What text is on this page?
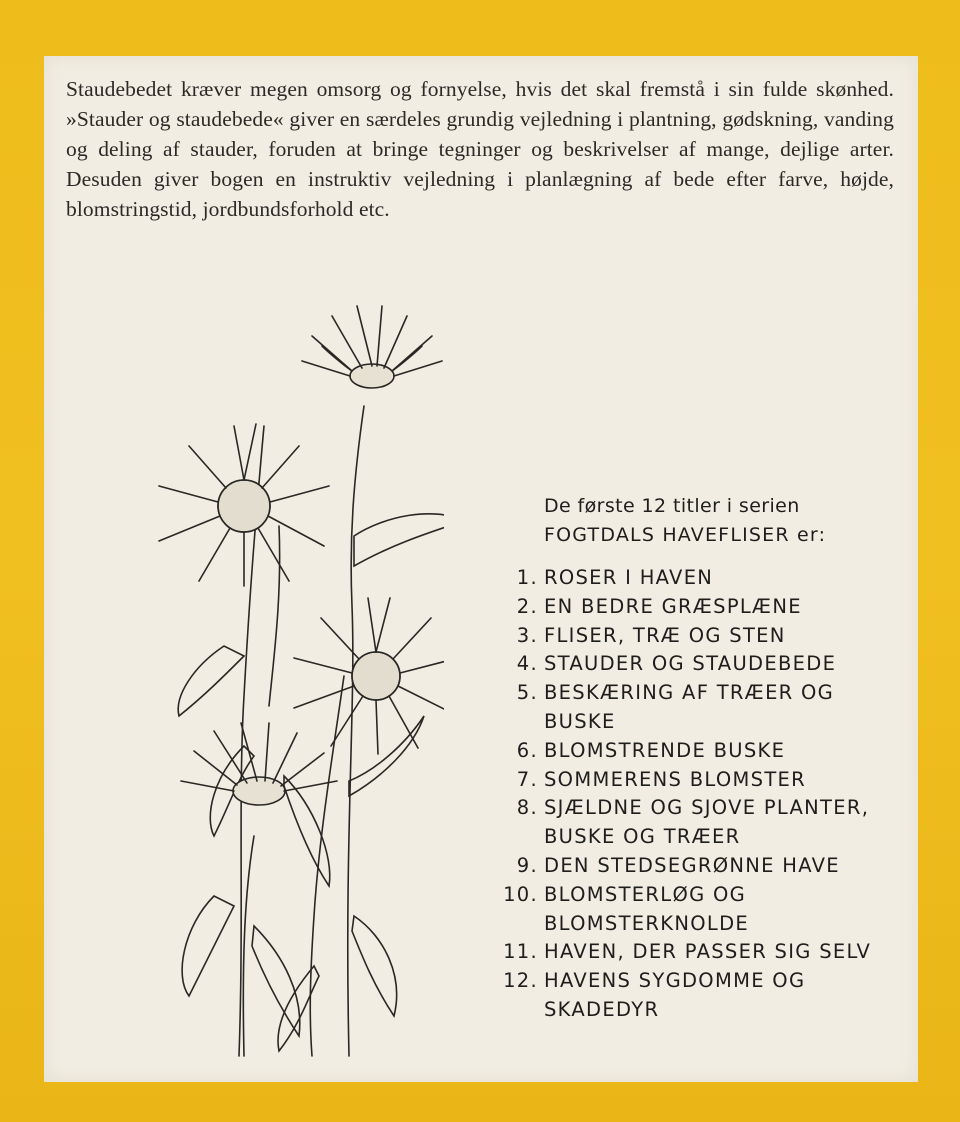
Staudebedet kræver megen omsorg og fornyelse, hvis det skal fremstå i sin fulde skønhed. »Stauder og staudebede« giver en særdeles grundig vejledning i plantning, gødskning, vanding og deling af stauder, foruden at bringe tegninger og beskrivelser af mange, dejlige arter. Desuden giver bogen en instruktiv vejledning i planlægning af bede efter farve, højde, blomstringstid, jordbundsforhold etc.

De første 12 titler i serien
FOGTDALS HAVEFLISER er:
1. ROSER I HAVEN
2. EN BEDRE GRÆSPLÆNE
3. FLISER, TRÆ OG STEN
4. STAUDER OG STAUDEBEDE
5. BESKÆRING AF TRÆER OG BUSKE
6. BLOMSTRENDE BUSKE
7. SOMMERENS BLOMSTER
8. SJÆLDNE OG SJOVE PLANTER, BUSKE OG TRÆER
9. DEN STEDSEGRØNNE HAVE
10. BLOMSTERLØG OG BLOMSTERKNOLDE
11. HAVEN, DER PASSER SIG SELV
12. HAVENS SYGDOMME OG SKADEDYR
